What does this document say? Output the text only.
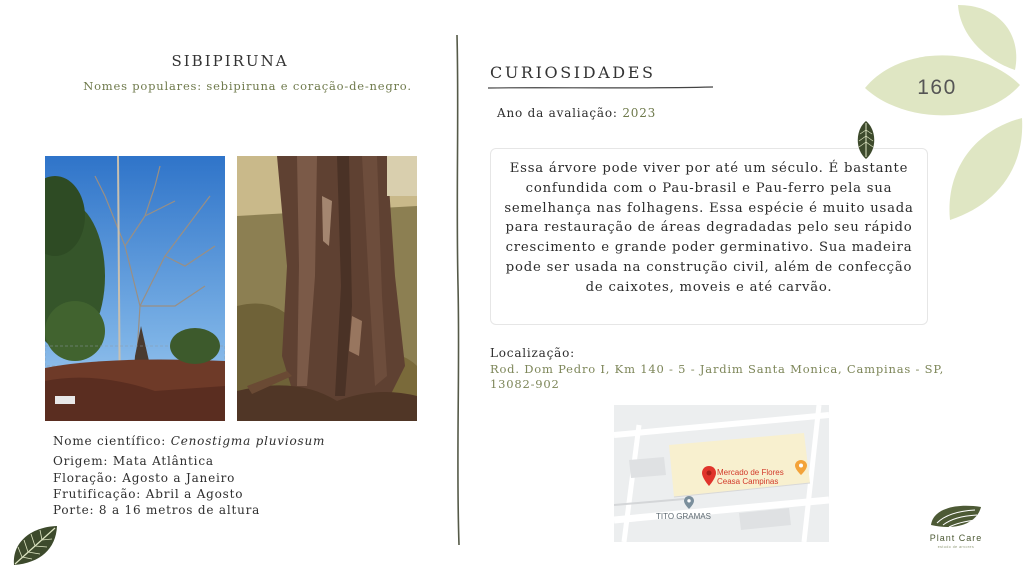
SIBIPIRUNA
Nomes populares: sebipiruna e coração-de-negro.
Nome científico: Cenostigma pluviosum
Origem: Mata Atlântica
Floração: Agosto a Janeiro
Frutificação: Abril a Agosto
Porte: 8 a 16 metros de altura
CURIOSIDADES
Ano da avaliação: 2023
Essa árvore pode viver por até um século. É bastante confundida com o Pau-brasil e Pau-ferro pela sua semelhança nas folhagens. Essa espécie é muito usada para restauração de áreas degradadas pelo seu rápido crescimento e grande poder germinativo. Sua madeira pode ser usada na construção civil, além de confecção de caixotes, moveis e até carvão.
Localização:
Rod. Dom Pedro I, Km 140 - 5 - Jardim Santa Monica, Campinas - SP, 13082-902
Mercado de Flores
Ceasa Campinas
TITO GRAMAS
160
Plant Care
estudo de arvores
